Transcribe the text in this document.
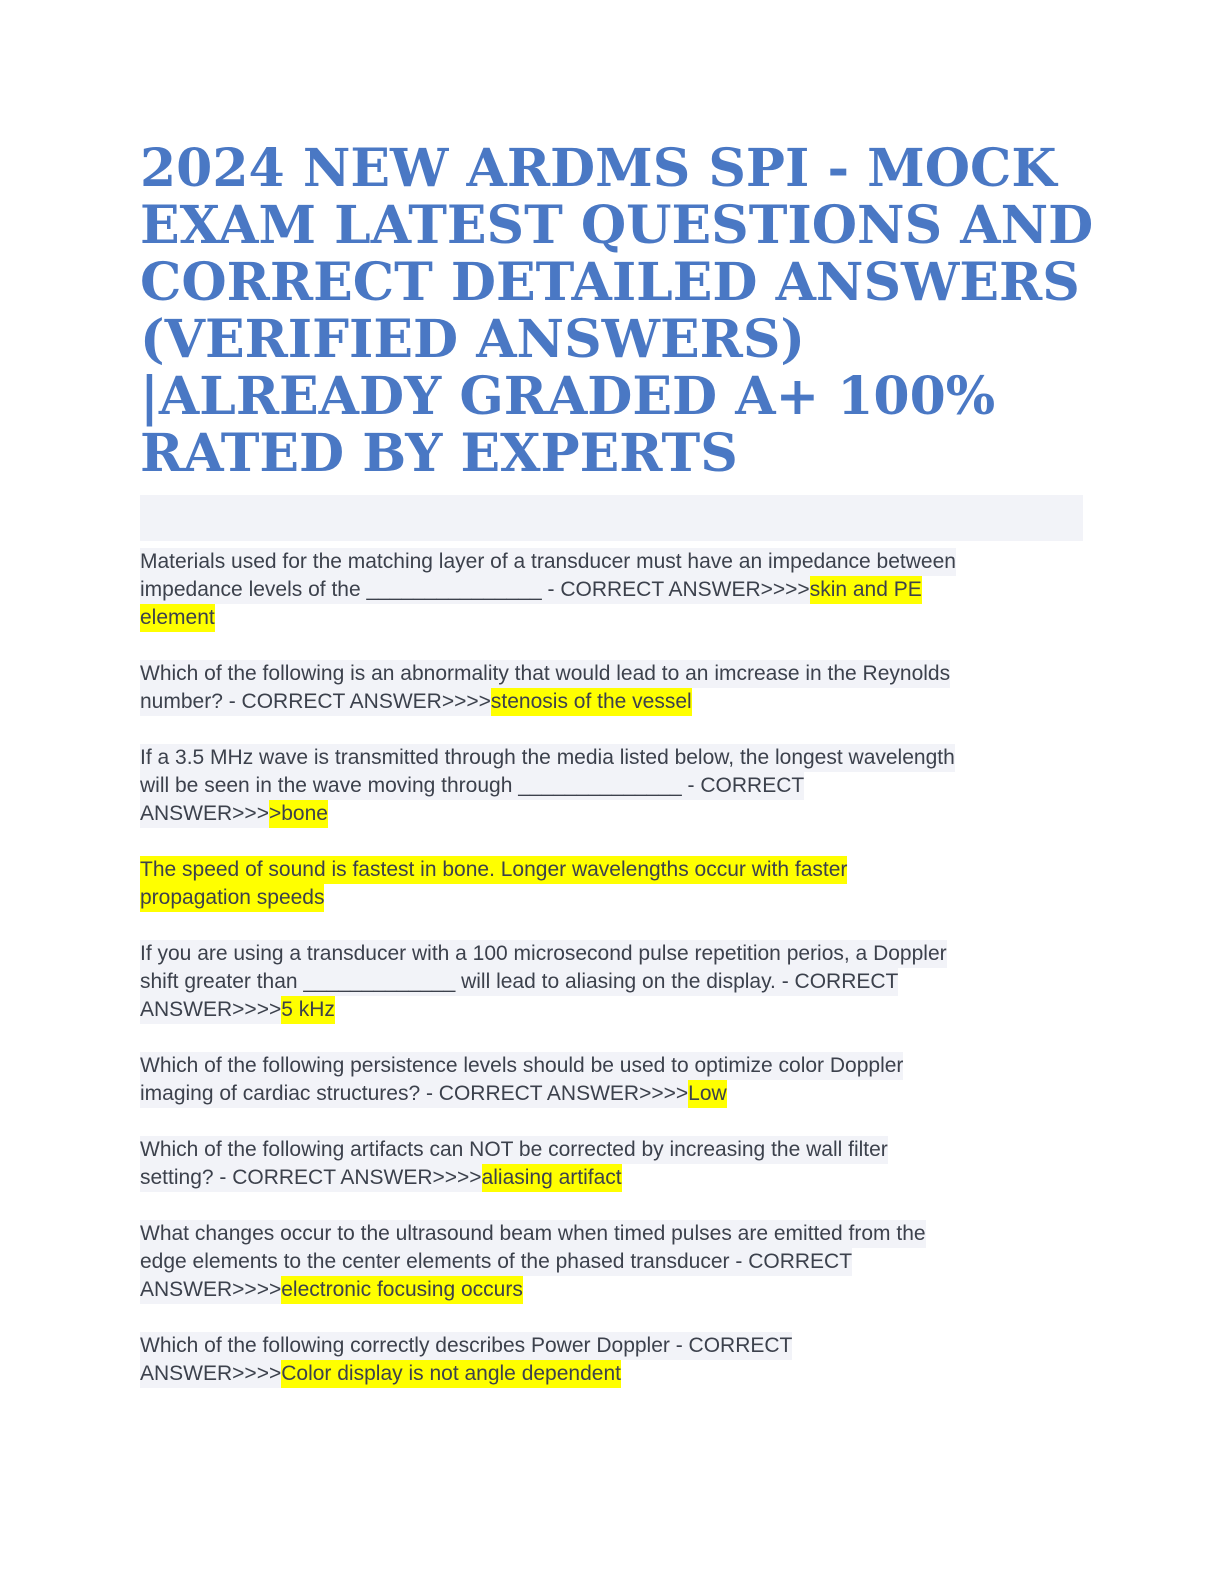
2024 NEW ARDMS SPI - MOCK
EXAM LATEST QUESTIONS AND
CORRECT DETAILED ANSWERS
(VERIFIED ANSWERS)
|ALREADY GRADED A+ 100%
RATED BY EXPERTS
Materials used for the matching layer of a transducer must have an impedance between
impedance levels of the _______________ - CORRECT ANSWER>>>>skin and PE
element
Which of the following is an abnormality that would lead to an imcrease in the Reynolds
number? - CORRECT ANSWER>>>>stenosis of the vessel
If a 3.5 MHz wave is transmitted through the media listed below, the longest wavelength
will be seen in the wave moving through ______________ - CORRECT
ANSWER>>>>bone
The speed of sound is fastest in bone. Longer wavelengths occur with faster
propagation speeds
If you are using a transducer with a 100 microsecond pulse repetition perios, a Doppler
shift greater than _____________ will lead to aliasing on the display. - CORRECT
ANSWER>>>>5 kHz
Which of the following persistence levels should be used to optimize color Doppler
imaging of cardiac structures? - CORRECT ANSWER>>>>Low
Which of the following artifacts can NOT be corrected by increasing the wall filter
setting? - CORRECT ANSWER>>>>aliasing artifact
What changes occur to the ultrasound beam when timed pulses are emitted from the
edge elements to the center elements of the phased transducer - CORRECT
ANSWER>>>>electronic focusing occurs
Which of the following correctly describes Power Doppler - CORRECT
ANSWER>>>>Color display is not angle dependent
